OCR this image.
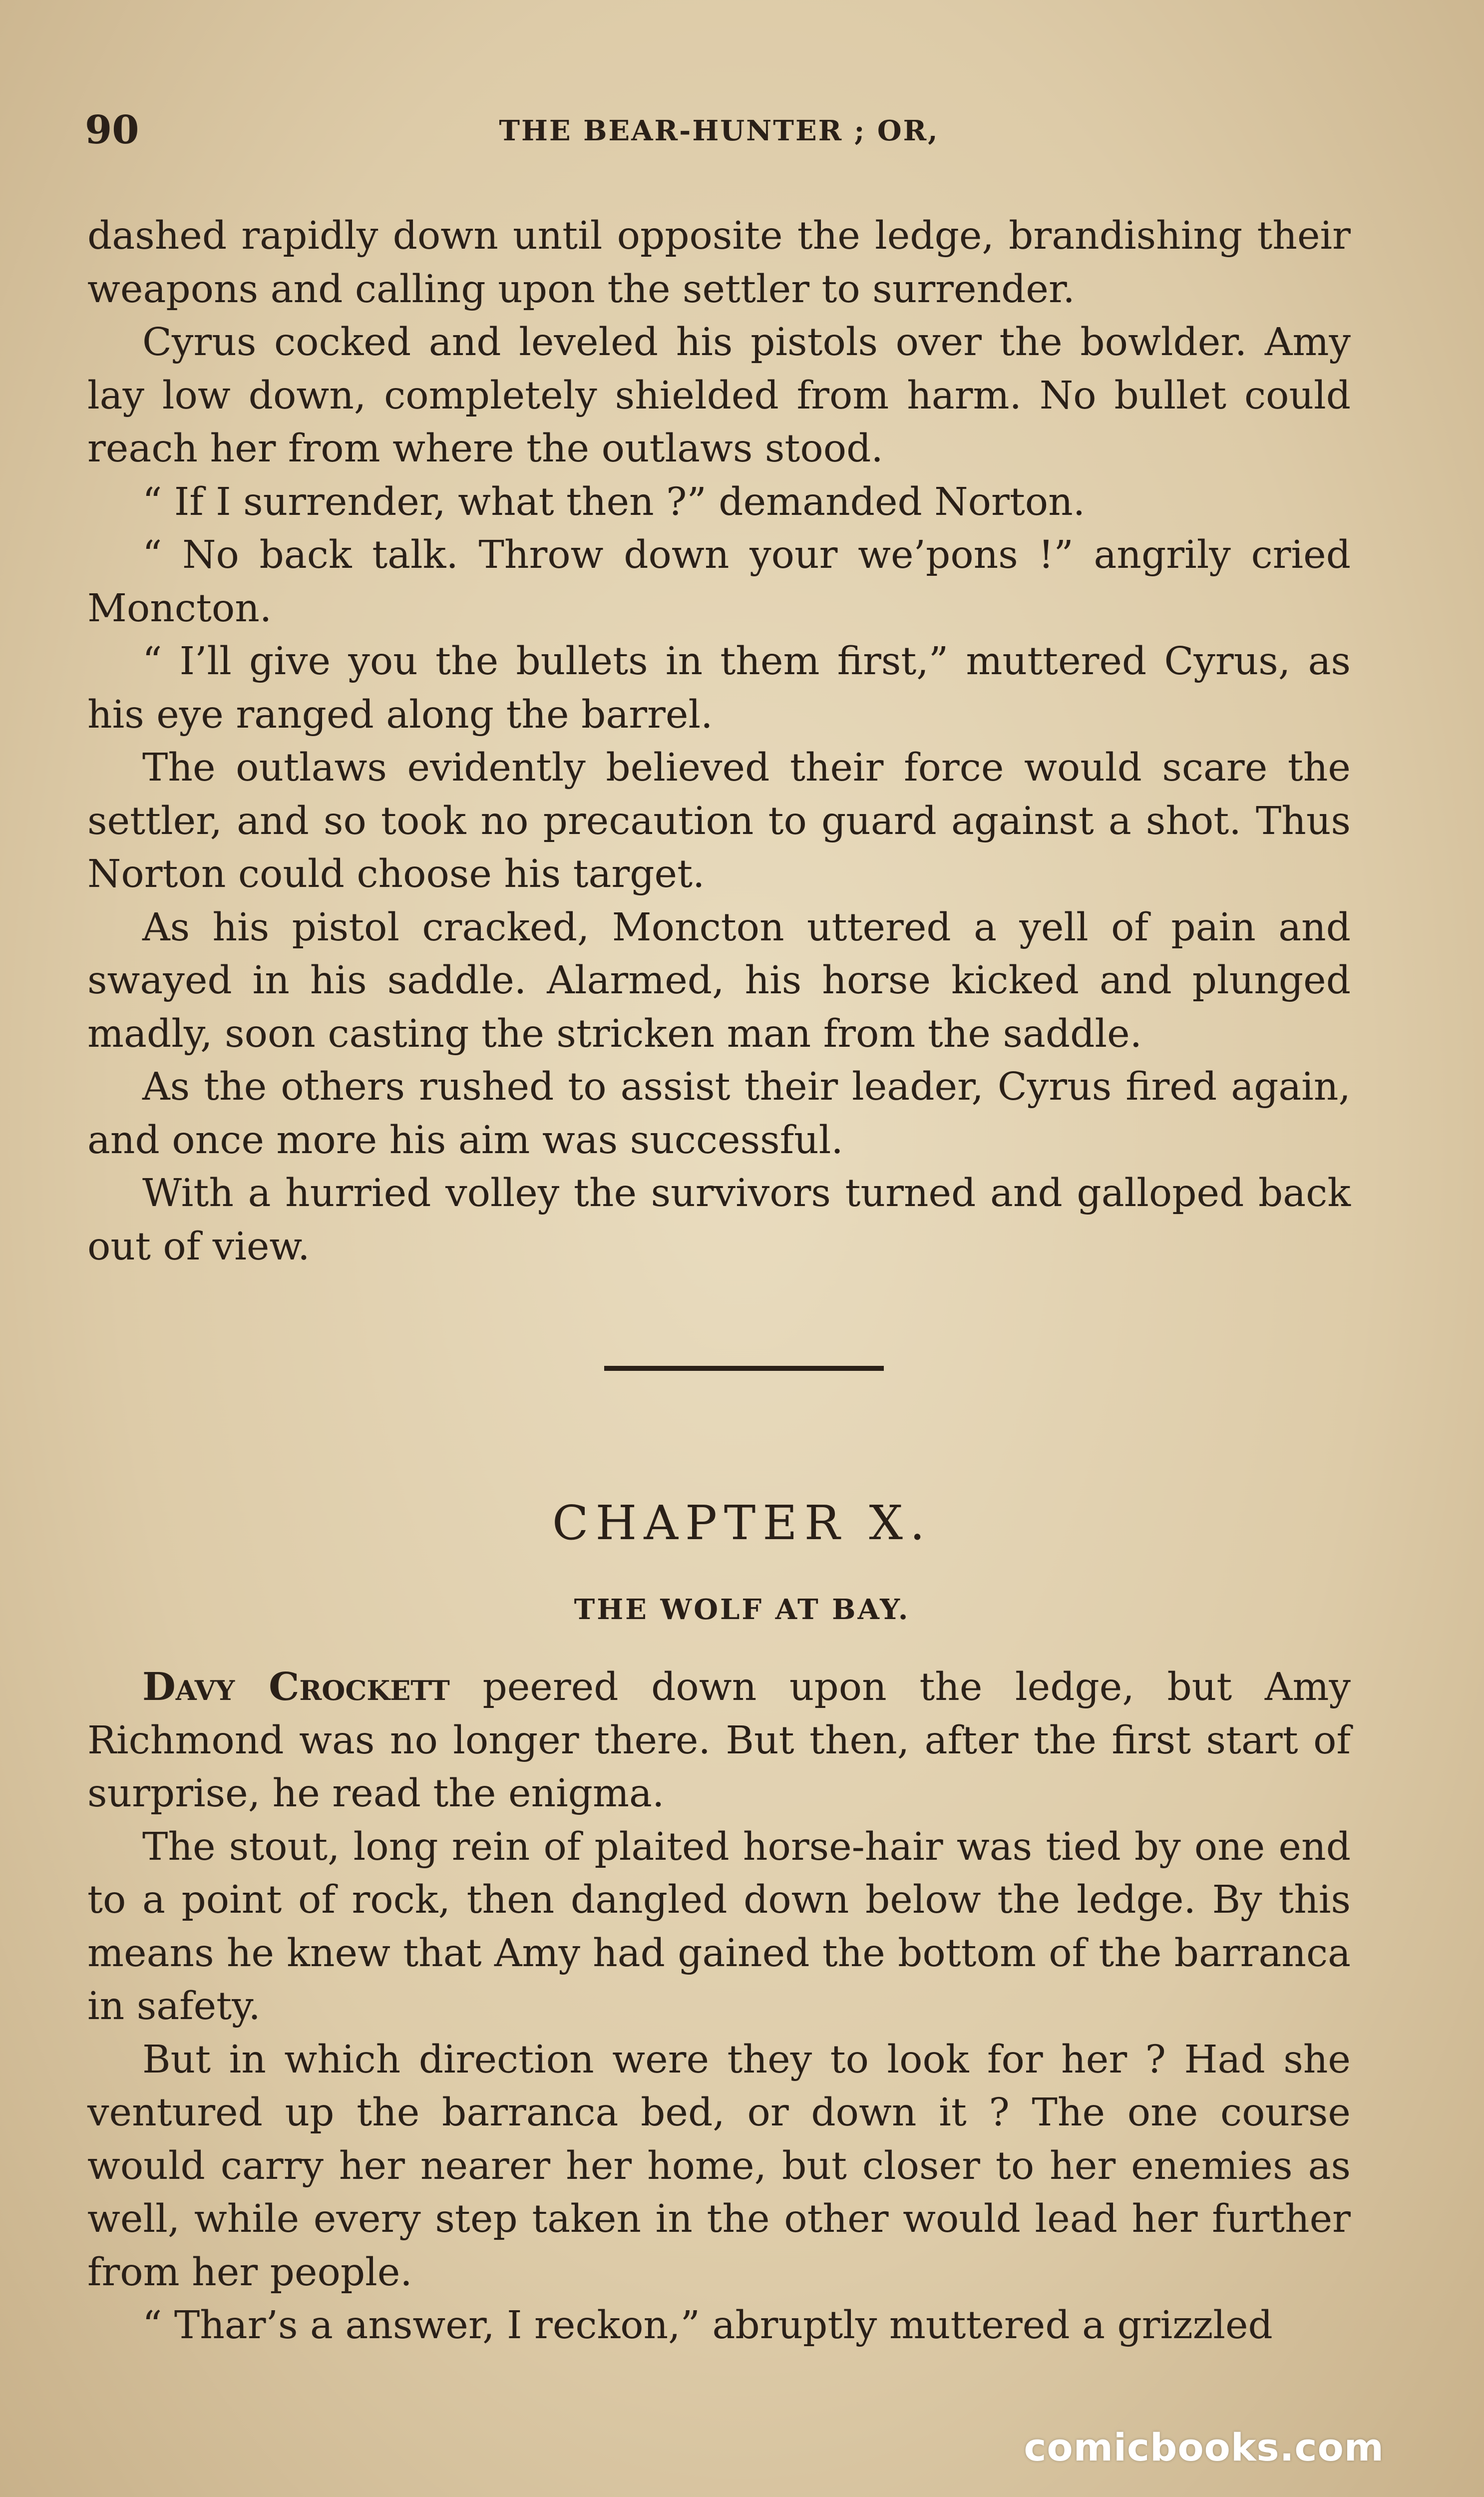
90	THE BEAR-HUNTER ; OR,

dashed rapidly down until opposite the ledge, brandishing their weapons and calling upon the settler to surrender.

Cyrus cocked and leveled his pistols over the bowlder. Amy lay low down, completely shielded from harm. No bullet could reach her from where the outlaws stood.

“ If I surrender, what then ?” demanded Norton.

“ No back talk. Throw down your we’pons !” angrily cried Moncton.

“ I’ll give you the bullets in them first,” muttered Cyrus, as his eye ranged along the barrel.

The outlaws evidently believed their force would scare the settler, and so took no precaution to guard against a shot. Thus Norton could choose his target.

As his pistol cracked, Moncton uttered a yell of pain and swayed in his saddle. Alarmed, his horse kicked and plunged madly, soon casting the stricken man from the saddle.

As the others rushed to assist their leader, Cyrus fired again, and once more his aim was successful.

With a hurried volley the survivors turned and galloped back out of view.

CHAPTER X.
THE WOLF AT BAY.

Davy Crockett peered down upon the ledge, but Amy Richmond was no longer there. But then, after the first start of surprise, he read the enigma.

The stout, long rein of plaited horse-hair was tied by one end to a point of rock, then dangled down below the ledge. By this means he knew that Amy had gained the bottom of the barranca in safety.

But in which direction were they to look for her ? Had she ventured up the barranca bed, or down it ? The one course would carry her nearer her home, but closer to her enemies as well, while every step taken in the other would lead her further from her people.

“ Thar’s a answer, I reckon,” abruptly muttered a grizzled

comicbooks.com
